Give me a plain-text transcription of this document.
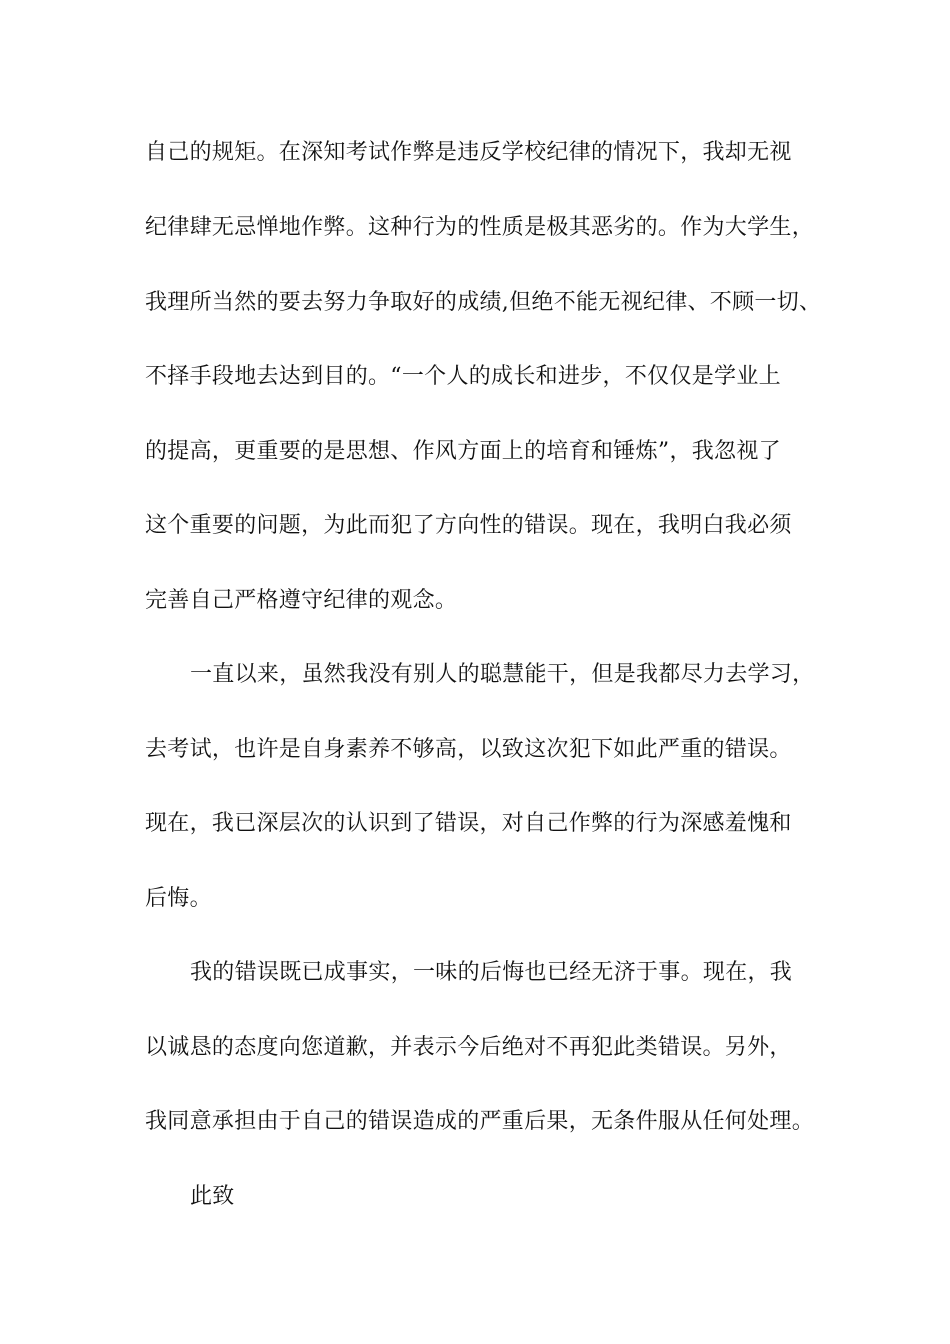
自己的规矩。在深知考试作弊是违反学校纪律的情况下，我却无视
纪律肆无忌惮地作弊。这种行为的性质是极其恶劣的。作为大学生，
我理所当然的要去努力争取好的成绩,但绝不能无视纪律、不顾一切、
不择手段地去达到目的。“一个人的成长和进步，不仅仅是学业上
的提高，更重要的是思想、作风方面上的培育和锤炼”，我忽视了
这个重要的问题，为此而犯了方向性的错误。现在，我明白我必须
完善自己严格遵守纪律的观念。
一直以来，虽然我没有别人的聪慧能干，但是我都尽力去学习，
去考试，也许是自身素养不够高，以致这次犯下如此严重的错误。
现在，我已深层次的认识到了错误，对自己作弊的行为深感羞愧和
后悔。
我的错误既已成事实，一味的后悔也已经无济于事。现在，我
以诚恳的态度向您道歉，并表示今后绝对不再犯此类错误。另外，
我同意承担由于自己的错误造成的严重后果，无条件服从任何处理。
此致
